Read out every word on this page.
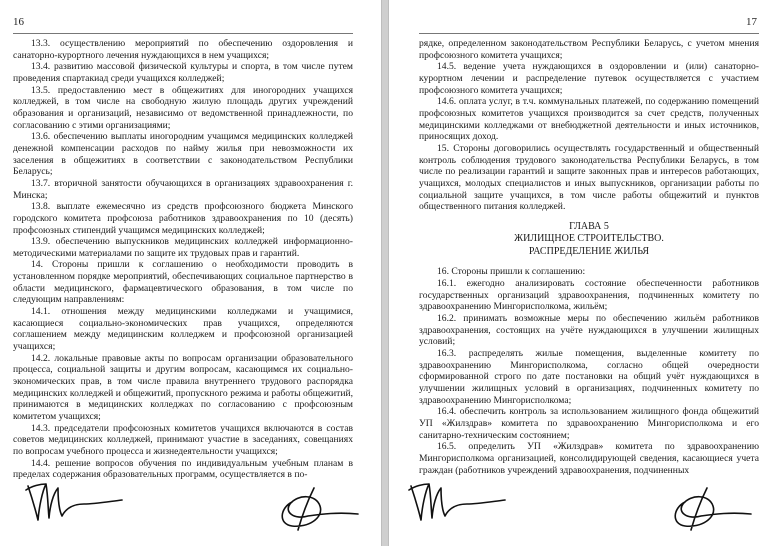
16

13.3. осуществлению мероприятий по обеспечению оздоровления и санаторно-курортного лечения нуждающихся в нем учащихся;

13.4. развитию массовой физической культуры и спорта, в том числе путем проведения спартакиад среди учащихся колледжей;

13.5. предоставлению мест в общежитиях для иногородних учащихся колледжей, в том числе на свободную жилую площадь других учреждений образования и организаций, независимо от ведомственной принадлежности, по согласованию с этими организациями;

13.6. обеспечению выплаты иногородним учащимся медицинских колледжей денежной компенсации расходов по найму жилья при невозможности их заселения в общежитиях в соответствии с законодательством Республики Беларусь;

13.7. вторичной занятости обучающихся в организациях здравоохранения г. Минска;

13.8. выплате ежемесячно из средств профсоюзного бюджета Минского городского комитета профсоюза работников здравоохранения по 10 (десять) профсоюзных стипендий учащимся медицинских колледжей;

13.9. обеспечению выпускников медицинских колледжей информационно-методическими материалами по защите их трудовых прав и гарантий.

14. Стороны пришли к соглашению о необходимости проводить в установленном порядке мероприятий, обеспечивающих социальное партнерство в области медицинского, фармацевтического образования, в том числе по следующим направлениям:

14.1. отношения между медицинскими колледжами и учащимися, касающиеся социально-экономических прав учащихся, определяются соглашением между медицинским колледжем и профсоюзной организацией учащихся;

14.2. локальные правовые акты по вопросам организации образовательного процесса, социальной защиты и другим вопросам, касающимся их социально-экономических прав, в том числе правила внутреннего трудового распорядка медицинских колледжей и общежитий, пропускного режима и работы общежитий, принимаются в медицинских колледжах по согласованию с профсоюзным комитетом учащихся;

14.3. председатели профсоюзных комитетов учащихся включаются в состав советов медицинских колледжей, принимают участие в заседаниях, совещаниях по вопросам учебного процесса и жизнедеятельности учащихся;

14.4. решение вопросов обучения по индивидуальным учебным планам в пределах содержания образовательных программ, осуществляется в по-

17

рядке, определенном законодательством Республики Беларусь, с учетом мнения профсоюзного комитета учащихся;

14.5. ведение учета нуждающихся в оздоровлении и (или) санаторно-курортном лечении и распределение путевок осуществляется с участием профсоюзного комитета учащихся;

14.6. оплата услуг, в т.ч. коммунальных платежей, по содержанию помещений профсоюзных комитетов учащихся производится за счет средств, полученных медицинскими колледжами от внебюджетной деятельности и иных источников, приносящих доход.

15. Стороны договорились осуществлять государственный и общественный контроль соблюдения трудового законодательства Республики Беларусь, в том числе по реализации гарантий и защите законных прав и интересов работающих, учащихся, молодых специалистов и иных выпускников, организации работы по социальной защите учащихся, в том числе работы общежитий и пунктов общественного питания колледжей.

ГЛАВА 5
ЖИЛИЩНОЕ СТРОИТЕЛЬСТВО.
РАСПРЕДЕЛЕНИЕ ЖИЛЬЯ

16. Стороны пришли к соглашению:

16.1. ежегодно анализировать состояние обеспеченности работников государственных организаций здравоохранения, подчиненных комитету по здравоохранению Мингорисполкома, жильём;

16.2. принимать возможные меры по обеспечению жильём работников здравоохранения, состоящих на учёте нуждающихся в улучшении жилищных условий;

16.3. распределять жилые помещения, выделенные комитету по здравоохранению Мингорисполкома, согласно общей очередности сформированной строго по дате постановки на общий учёт нуждающихся в улучшении жилищных условий в организациях, подчиненных комитету по здравоохранению Мингорисполкома;

16.4. обеспечить контроль за использованием жилищного фонда общежитий УП «Жилздрав» комитета по здравоохранению Мингорисполкома и его санитарно-техническим состоянием;

16.5. определить УП «Жилздрав» комитета по здравоохранению Мингорисполкома организацией, консолидирующей сведения, касающиеся учета граждан (работников учреждений здравоохранения, подчиненных
